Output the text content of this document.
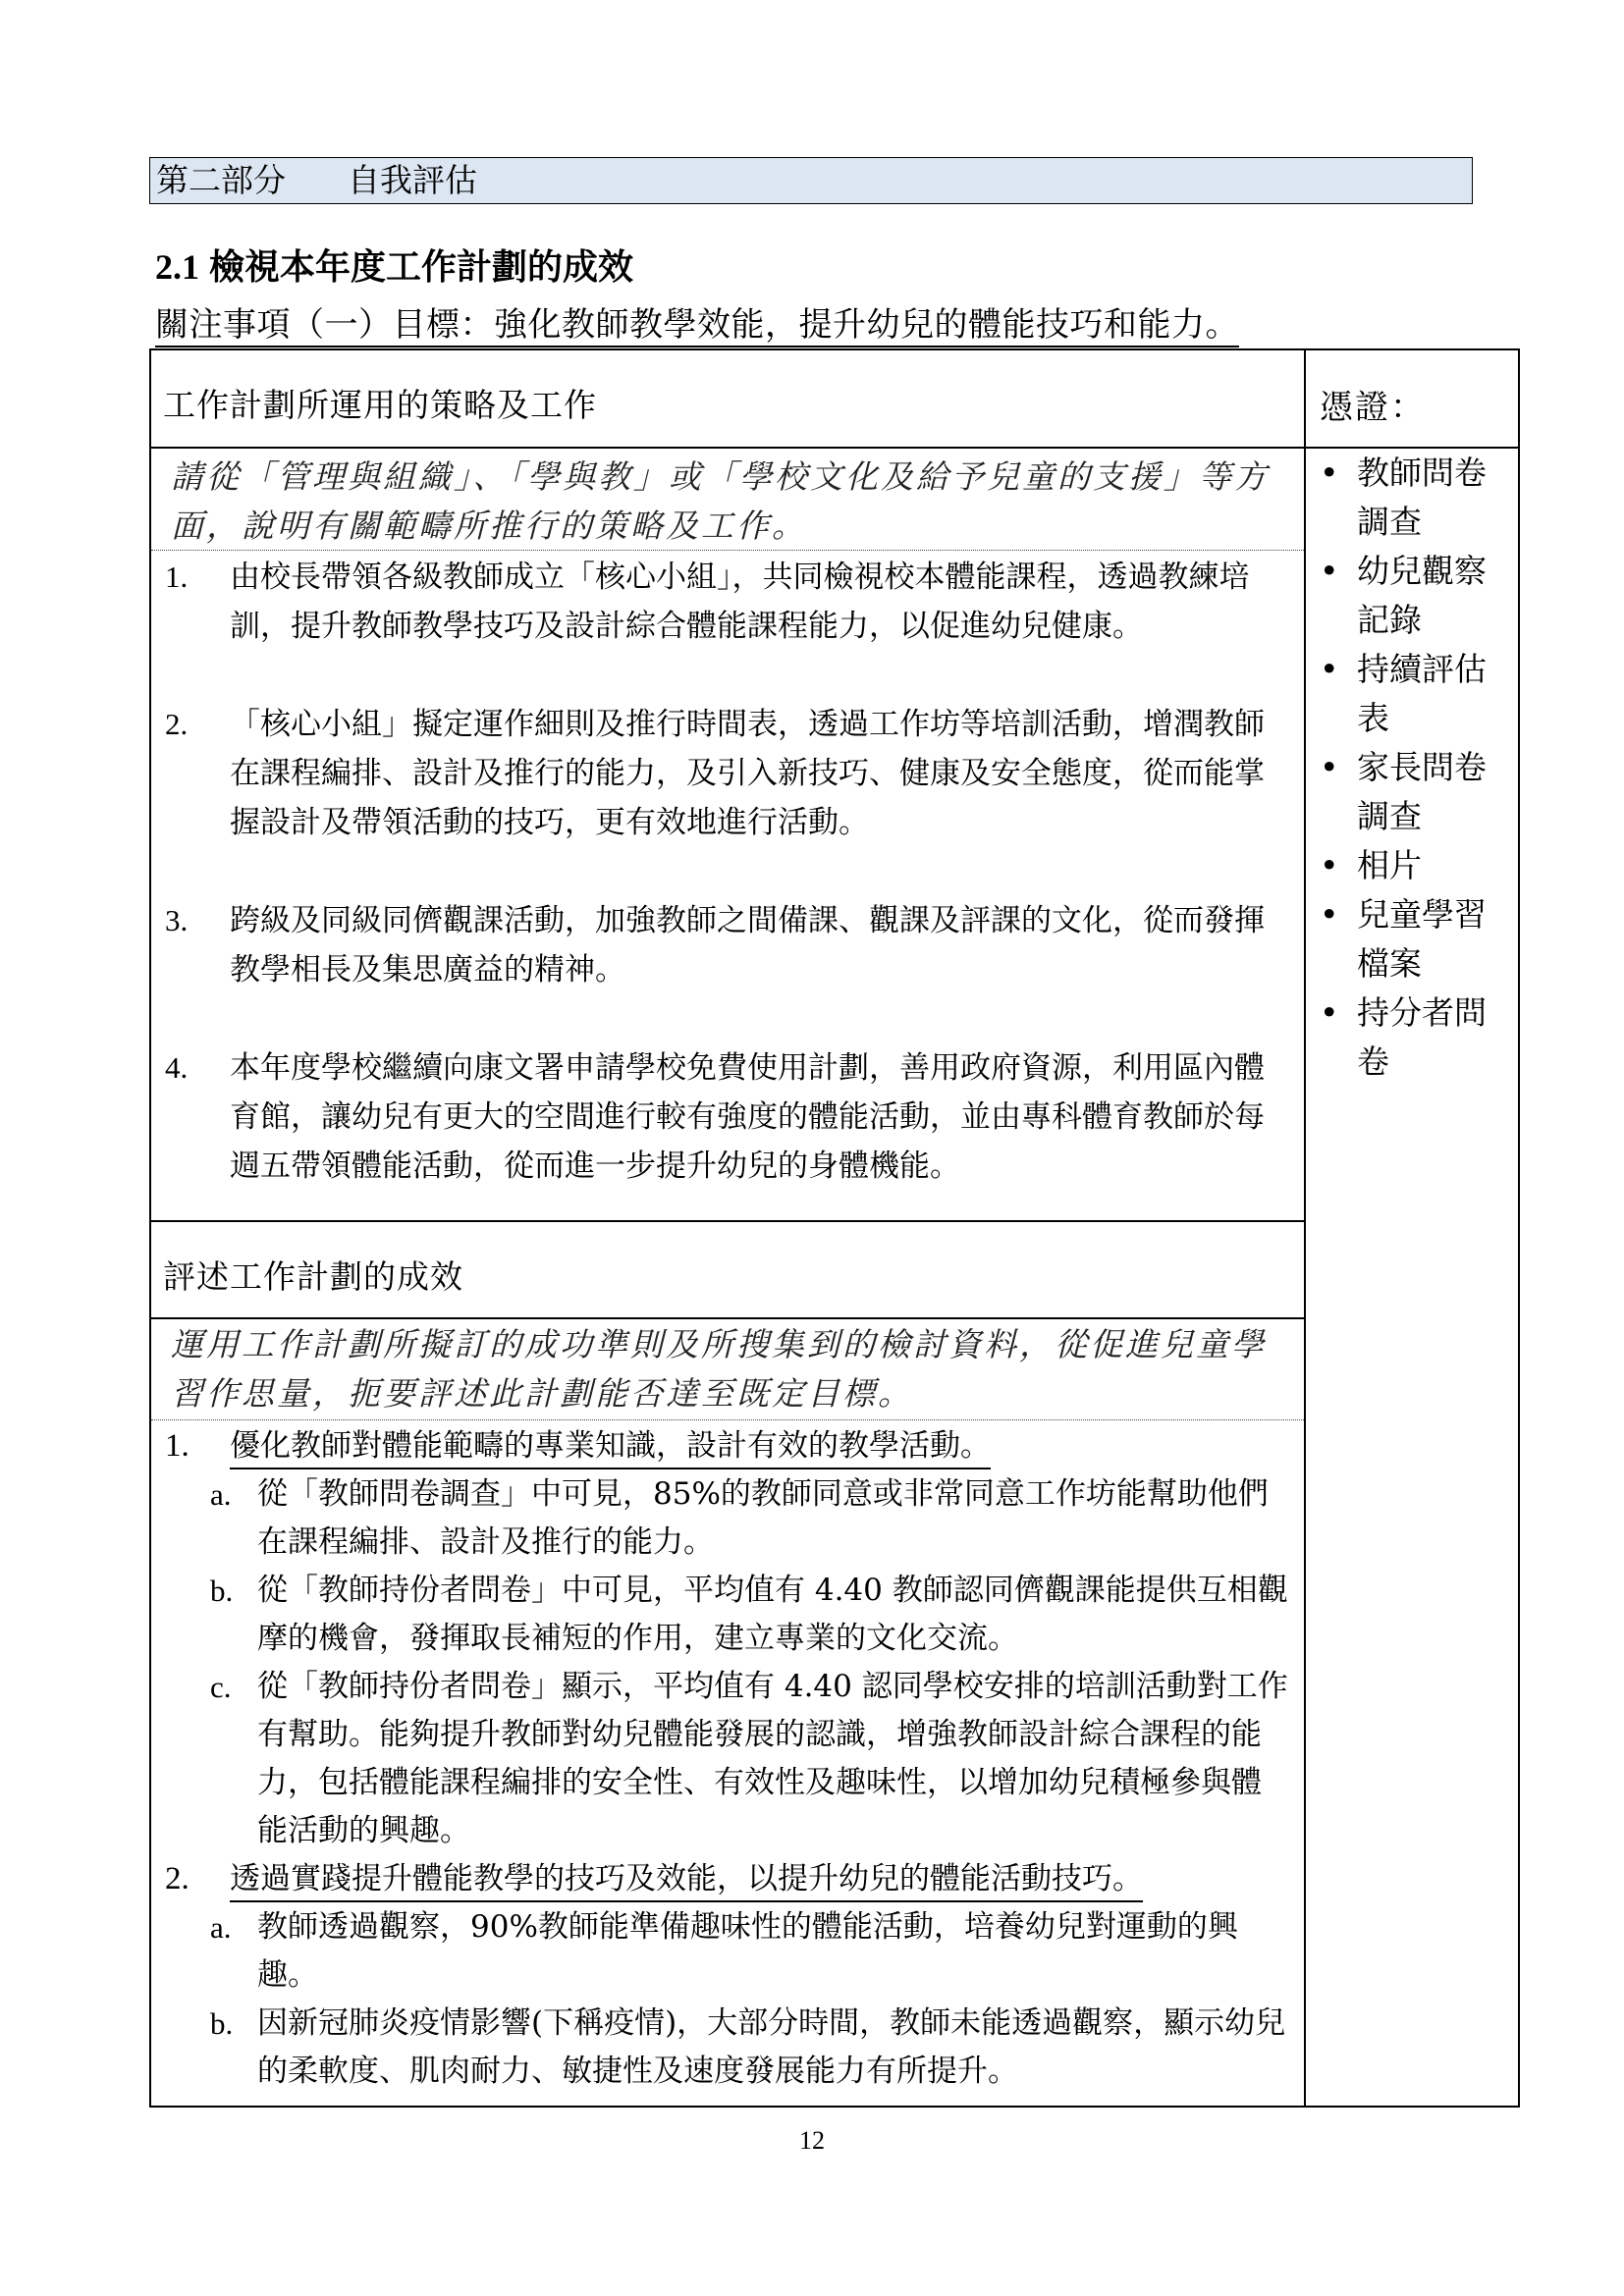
第二部分 自我評估
2.1 檢視本年度工作計劃的成效
關注事項（一）目標：強化教師教學效能，提升幼兒的體能技巧和能力。
工作計劃所運用的策略及工作	憑證：
請從「管理與組織」、「學與教」或「學校文化及給予兒童的支援」等方面，說明有關範疇所推行的策略及工作。
1. 由校長帶領各級教師成立「核心小組」，共同檢視校本體能課程，透過教練培訓，提升教師教學技巧及設計綜合體能課程能力，以促進幼兒健康。
2. 「核心小組」擬定運作細則及推行時間表，透過工作坊等培訓活動，增潤教師在課程編排、設計及推行的能力，及引入新技巧、健康及安全態度，從而能掌握設計及帶領活動的技巧，更有效地進行活動。
3. 跨級及同級同儕觀課活動，加強教師之間備課、觀課及評課的文化，從而發揮教學相長及集思廣益的精神。
4. 本年度學校繼續向康文署申請學校免費使用計劃，善用政府資源，利用區內體育館，讓幼兒有更大的空間進行較有強度的體能活動，並由專科體育教師於每週五帶領體能活動，從而進一步提升幼兒的身體機能。
• 教師問卷調查
• 幼兒觀察記錄
• 持續評估表
• 家長問卷調查
• 相片
• 兒童學習檔案
• 持分者問卷
評述工作計劃的成效
運用工作計劃所擬訂的成功準則及所搜集到的檢討資料，從促進兒童學習作思量，扼要評述此計劃能否達至既定目標。
1. 優化教師對體能範疇的專業知識，設計有效的教學活動。
a. 從「教師問卷調查」中可見，85%的教師同意或非常同意工作坊能幫助他們在課程編排、設計及推行的能力。
b. 從「教師持份者問卷」中可見，平均值有 4.40 教師認同儕觀課能提供互相觀摩的機會，發揮取長補短的作用，建立專業的文化交流。
c. 從「教師持份者問卷」顯示，平均值有 4.40 認同學校安排的培訓活動對工作有幫助。能夠提升教師對幼兒體能發展的認識，增強教師設計綜合課程的能力，包括體能課程編排的安全性、有效性及趣味性，以增加幼兒積極參與體能活動的興趣。
2. 透過實踐提升體能教學的技巧及效能，以提升幼兒的體能活動技巧。
a. 教師透過觀察，90%教師能準備趣味性的體能活動，培養幼兒對運動的興趣。
b. 因新冠肺炎疫情影響(下稱疫情)，大部分時間，教師未能透過觀察，顯示幼兒的柔軟度、肌肉耐力、敏捷性及速度發展能力有所提升。
12
